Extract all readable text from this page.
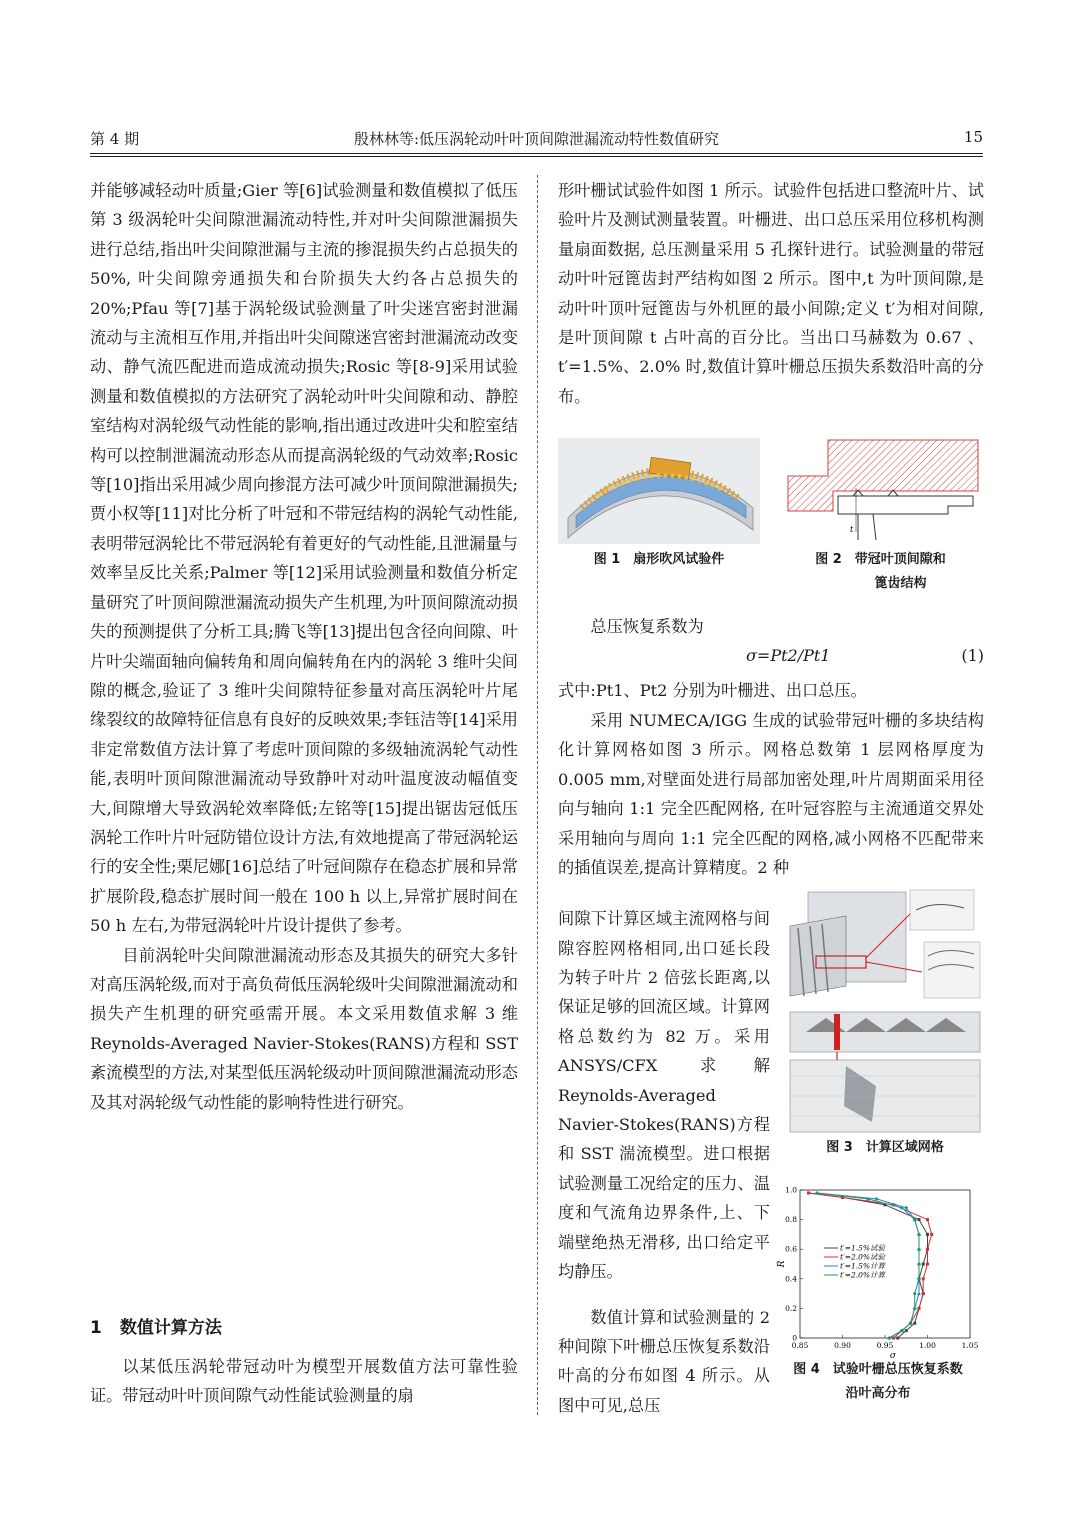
第 4 期	殷林林等:低压涡轮动叶叶顶间隙泄漏流动特性数值研究	15

并能够减轻动叶质量;Gier 等[6]试验测量和数值模拟了低压第 3 级涡轮叶尖间隙泄漏流动特性,并对叶尖间隙泄漏损失进行总结,指出叶尖间隙泄漏与主流的掺混损失约占总损失的 50%, 叶尖间隙旁通损失和台阶损失大约各占总损失的 20%;Pfau 等[7]基于涡轮级试验测量了叶尖迷宫密封泄漏流动与主流相互作用,并指出叶尖间隙迷宫密封泄漏流动改变动、静气流匹配进而造成流动损失;Rosic 等[8-9]采用试验测量和数值模拟的方法研究了涡轮动叶叶尖间隙和动、静腔室结构对涡轮级气动性能的影响,指出通过改进叶尖和腔室结构可以控制泄漏流动形态从而提高涡轮级的气动效率;Rosic 等[10]指出采用减少周向掺混方法可减少叶顶间隙泄漏损失;贾小权等[11]对比分析了叶冠和不带冠结构的涡轮气动性能,表明带冠涡轮比不带冠涡轮有着更好的气动性能,且泄漏量与效率呈反比关系;Palmer 等[12]采用试验测量和数值分析定量研究了叶顶间隙泄漏流动损失产生机理,为叶顶间隙流动损失的预测提供了分析工具;腾飞等[13]提出包含径向间隙、叶片叶尖端面轴向偏转角和周向偏转角在内的涡轮 3 维叶尖间隙的概念,验证了 3 维叶尖间隙特征参量对高压涡轮叶片尾缘裂纹的故障特征信息有良好的反映效果;李钰洁等[14]采用非定常数值方法计算了考虑叶顶间隙的多级轴流涡轮气动性能,表明叶顶间隙泄漏流动导致静叶对动叶温度波动幅值变大,间隙增大导致涡轮效率降低;左铭等[15]提出锯齿冠低压涡轮工作叶片叶冠防错位设计方法,有效地提高了带冠涡轮运行的安全性;栗尼娜[16]总结了叶冠间隙存在稳态扩展和异常扩展阶段,稳态扩展时间一般在 100 h 以上,异常扩展时间在 50 h 左右,为带冠涡轮叶片设计提供了参考。

目前涡轮叶尖间隙泄漏流动形态及其损失的研究大多针对高压涡轮级,而对于高负荷低压涡轮级叶尖间隙泄漏流动和损失产生机理的研究亟需开展。本文采用数值求解 3 维 Reynolds-Averaged Navier-Stokes(RANS)方程和 SST 紊流模型的方法,对某型低压涡轮级动叶顶间隙泄漏流动形态及其对涡轮级气动性能的影响特性进行研究。

1 数值计算方法

以某低压涡轮带冠动叶为模型开展数值方法可靠性验证。带冠动叶叶顶间隙气动性能试验测量的扇

形叶栅试试验件如图 1 所示。试验件包括进口整流叶片、试验叶片及测试测量装置。叶栅进、出口总压采用位移机构测量扇面数据, 总压测量采用 5 孔探针进行。试验测量的带冠动叶叶冠篦齿封严结构如图 2 所示。图中,t 为叶顶间隙,是动叶叶顶叶冠篦齿与外机匣的最小间隙;定义 t′为相对间隙,是叶顶间隙 t 占叶高的百分比。当出口马赫数为 0.67 、t′=1.5%、2.0% 时,数值计算叶栅总压损失系数沿叶高的分布。

图 1　扇形吹风试验件
t
图 2　带冠叶顶间隙和
篦齿结构

总压恢复系数为

σ=Pt2/Pt1	(1)

式中:Pt1、Pt2 分别为叶栅进、出口总压。

采用 NUMECA/IGG 生成的试验带冠叶栅的多块结构化计算网格如图 3 所示。网格总数第 1 层网格厚度为 0.005 mm,对壁面处进行局部加密处理,叶片周期面采用径向与轴向 1:1 完全匹配网格, 在叶冠容腔与主流通道交界处采用轴向与周向 1:1 完全匹配的网格,减小网格不匹配带来的插值误差,提高计算精度。2 种

间隙下计算区域主流网格与间隙容腔网格相同,出口延长段为转子叶片 2 倍弦长距离,以保证足够的回流区域。计算网格总数约为 82 万。采用 ANSYS/CFX 求解 Reynolds-Averaged Navier-Stokes(RANS)方程和 SST 湍流模型。进口根据试验测量工况给定的压力、温度和气流角边界条件,上、下端壁绝热无滑移, 出口给定平均静压。

数值计算和试验测量的 2 种间隙下叶栅总压恢复系数沿叶高的分布如图 4 所示。从图中可见,总压

图 3　计算区域网格
0.85	0.90	0.95	1.00	1.05
0
0.2
0.4
0.6
0.8
1.0
t′=1.5%试验
t′=2.0%试验
t′=1.5%计算
t′=2.0%计算
σ
R̄
图 4　试验叶栅总压恢复系数
沿叶高分布
